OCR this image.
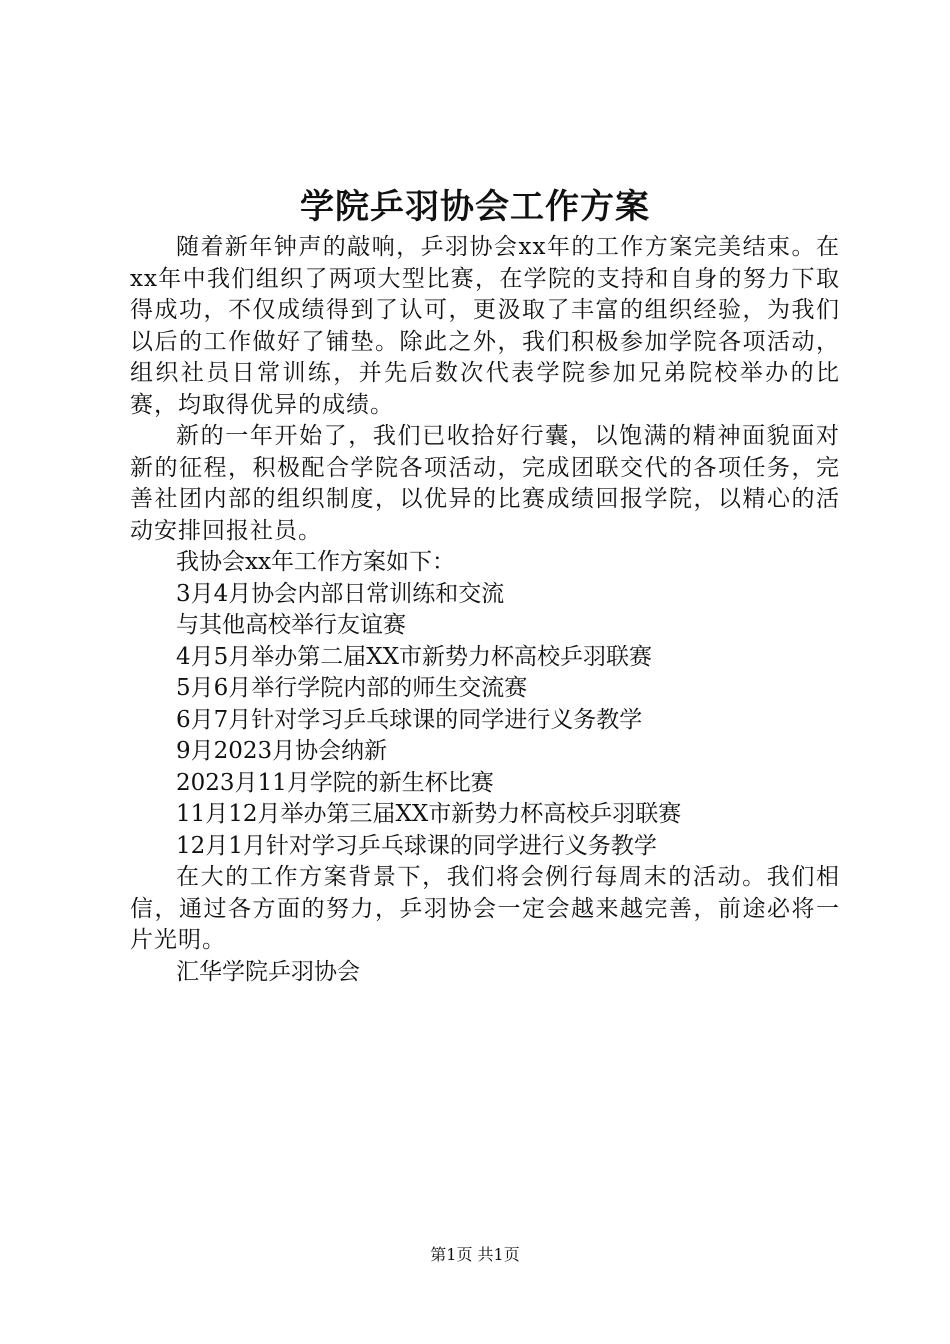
学院乒羽协会工作方案

随着新年钟声的敲响，乒羽协会xx年的工作方案完美结束。在xx年中我们组织了两项大型比赛，在学院的支持和自身的努力下取得成功，不仅成绩得到了认可，更汲取了丰富的组织经验，为我们以后的工作做好了铺垫。除此之外，我们积极参加学院各项活动，组织社员日常训练，并先后数次代表学院参加兄弟院校举办的比赛，均取得优异的成绩。

新的一年开始了，我们已收拾好行囊，以饱满的精神面貌面对新的征程，积极配合学院各项活动，完成团联交代的各项任务，完善社团内部的组织制度，以优异的比赛成绩回报学院，以精心的活动安排回报社员。

我协会xx年工作方案如下：

3月4月协会内部日常训练和交流

与其他高校举行友谊赛

4月5月举办第二届XX市新势力杯高校乒羽联赛

5月6月举行学院内部的师生交流赛

6月7月针对学习乒乓球课的同学进行义务教学

9月2023月协会纳新

2023月11月学院的新生杯比赛

11月12月举办第三届XX市新势力杯高校乒羽联赛

12月1月针对学习乒乓球课的同学进行义务教学

在大的工作方案背景下，我们将会例行每周末的活动。我们相信，通过各方面的努力，乒羽协会一定会越来越完善，前途必将一片光明。

汇华学院乒羽协会

第1页 共1页
